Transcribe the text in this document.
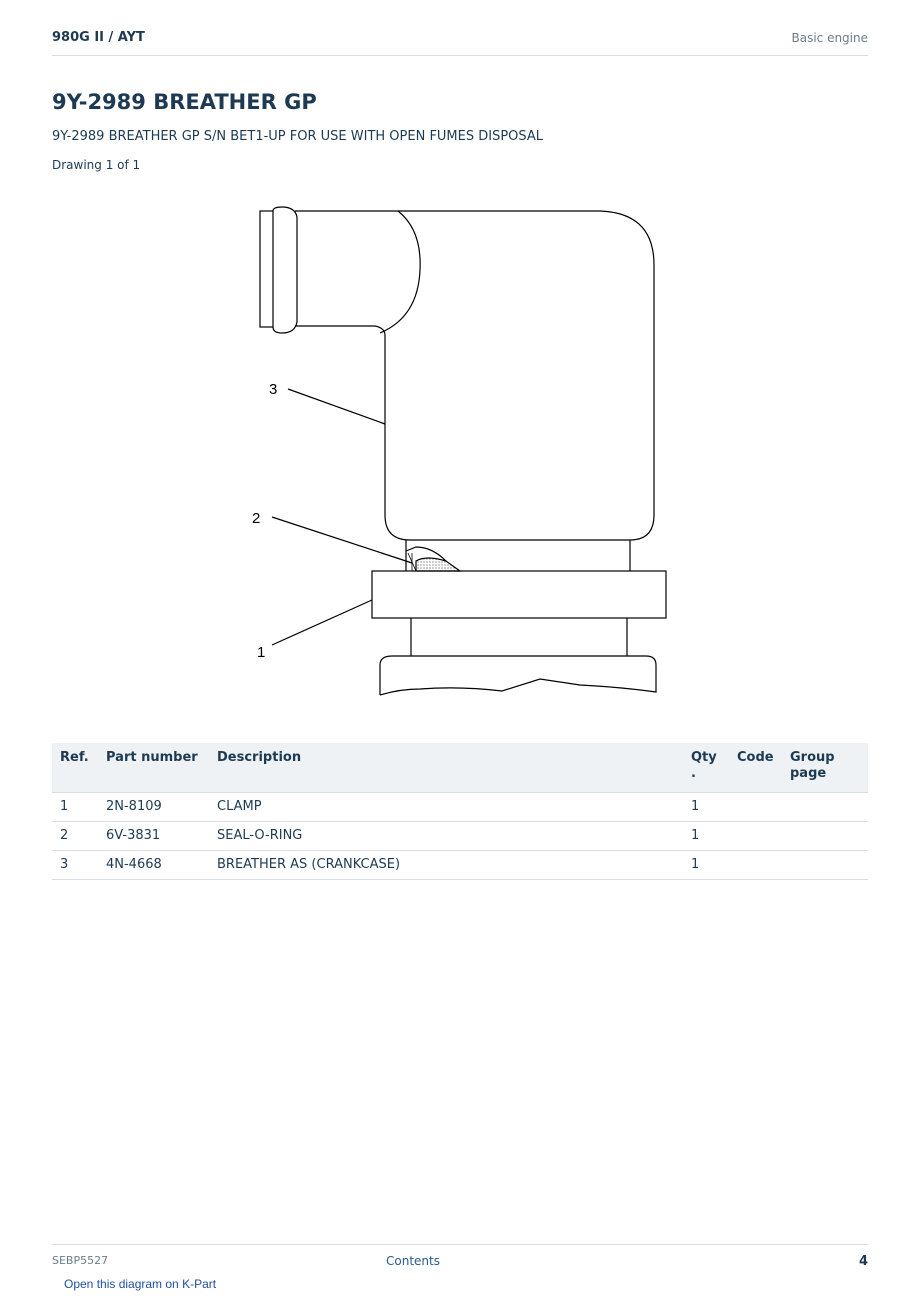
980G II / AYT	Basic engine
9Y-2989 BREATHER GP
9Y-2989 BREATHER GP S/N BET1-UP FOR USE WITH OPEN FUMES DISPOSAL
Drawing 1 of 1
3
2
1
Ref.	Part number	Description	Qty .	Code	Group page
1	2N-8109	CLAMP	1		
2	6V-3831	SEAL-O-RING	1		
3	4N-4668	BREATHER AS (CRANKCASE)	1		
SEBP5527	Contents	4
Open this diagram on K-Part
